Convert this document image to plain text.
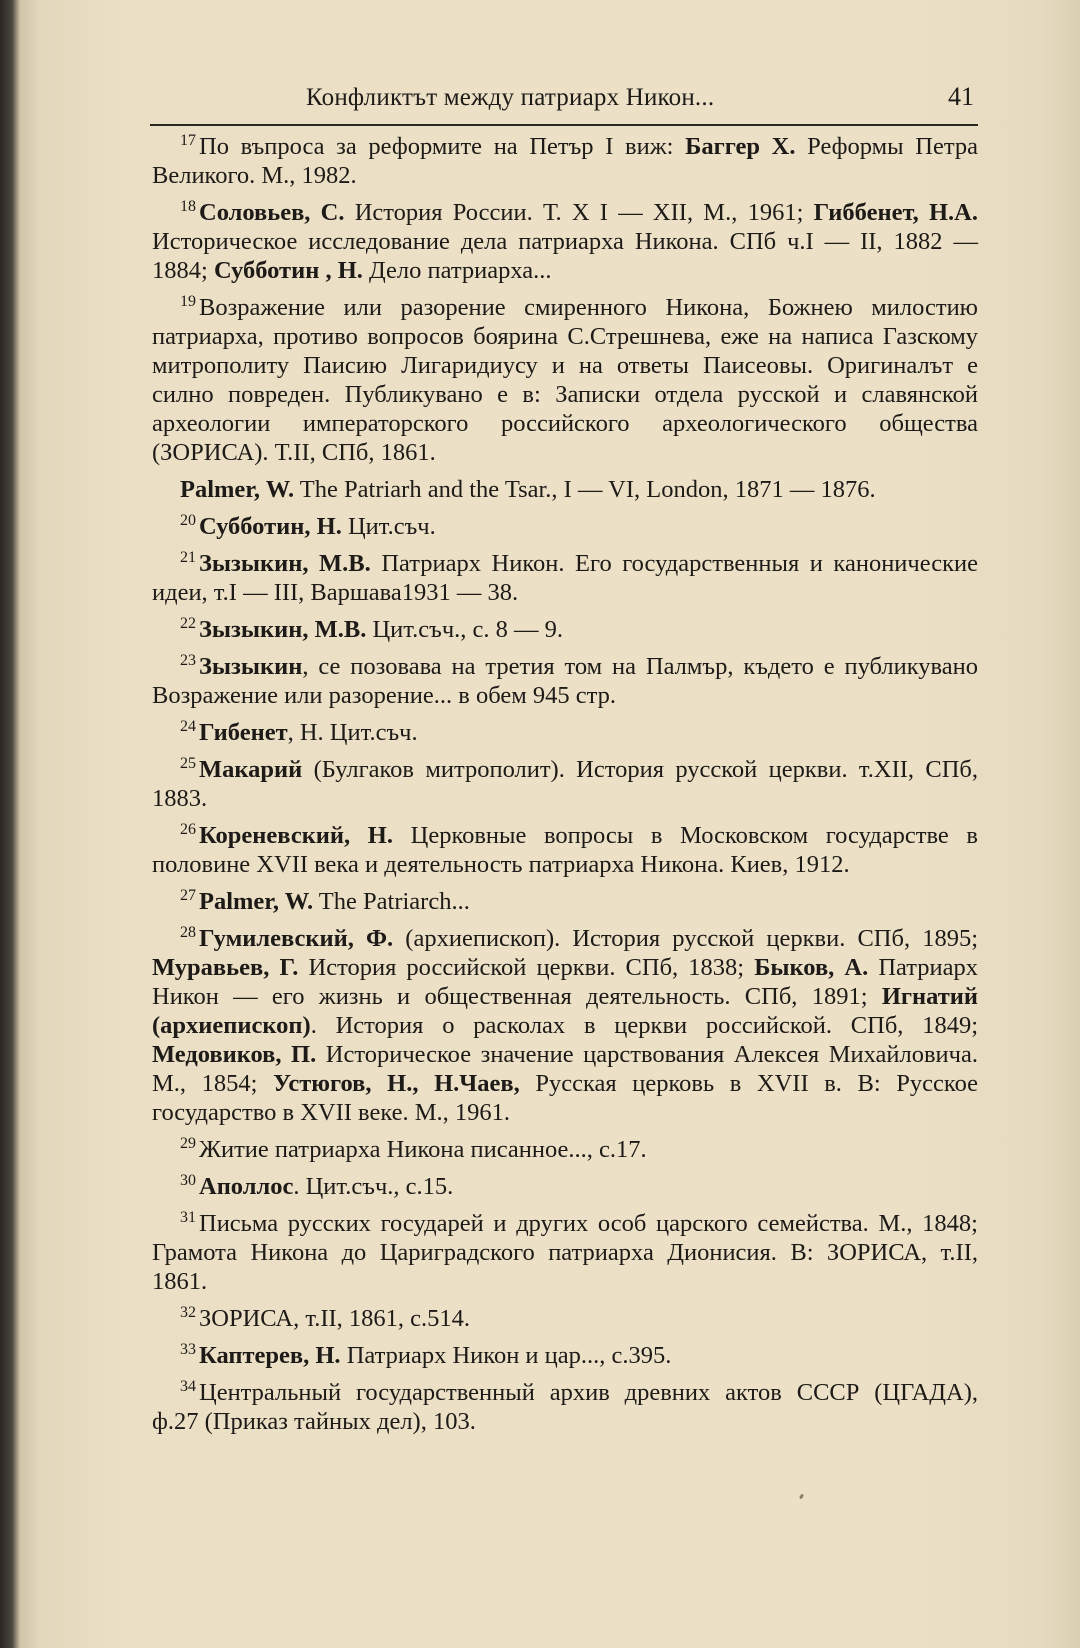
Конфликтът между патриарх Никон...	41

$^{17}$ По въпроса за реформите на Петър I виж: Баггер Х. Реформы Петра Великого. М., 1982.

$^{18}$ Соловьев, С. История России. Т. X I — XII, М., 1961; Гиббенет, Н.А. Историческое исследование дела патриарха Никона. СПб ч.I — II, 1882 — 1884; Субботин , Н. Дело патриарха...

$^{19}$ Возражение или разорение смиренного Никона, Божнею милостию патриарха, противо вопросов боярина С.Стрешнева, еже на написа Газскому митрополиту Паисию Лигаридиусу и на ответы Паисеовы. Оригиналът е силно повреден. Публикувано е в: Записки отдела русской и славянской археологии императорского российского археологического общества (ЗОРИСА). Т.II, СПб, 1861.

Palmer, W. The Patriarh and the Tsar., I — VI, London, 1871 — 1876.

$^{20}$ Субботин, Н. Цит.съч.

$^{21}$ Зызыкин, М.В. Патриарх Никон. Его государственныя и канонические идеи, т.I — III, Варшава1931 — 38.

$^{22}$ Зызыкин, М.В. Цит.съч., с. 8 — 9.

$^{23}$ Зызыкин, се позовава на третия том на Палмър, където е публикувано Возражение или разорение... в обем 945 стр.

$^{24}$ Гибенет, Н. Цит.съч.

$^{25}$ Макарий (Булгаков митрополит). История русской церкви. т.XII, СПб, 1883.

$^{26}$ Кореневский, Н. Церковные вопросы в Московском государстве в половине XVII века и деятельность патриарха Никона. Киев, 1912.

$^{27}$ Palmer, W. The Patriarch...

$^{28}$ Гумилевский, Ф. (архиепископ). История русской церкви. СПб, 1895; Муравьев, Г. История российской церкви. СПб, 1838; Быков, А. Патриарх Никон — его жизнь и общественная деятельность. СПб, 1891; Игнатий (архиепископ). История о расколах в церкви российской. СПб, 1849; Медовиков, П. Историческое значение царствования Алексея Михайловича. М., 1854; Устюгов, Н., Н.Чаев, Русская церковь в XVII в. В: Русское государство в XVII веке. М., 1961.

$^{29}$ Житие патриарха Никона писанное..., с.17.

$^{30}$ Аполлос. Цит.съч., с.15.

$^{31}$ Письма русских государей и других особ царского семейства. М., 1848; Грамота Никона до Цариградского патриарха Дионисия. В: ЗОРИСА, т.II, 1861.

$^{32}$ ЗОРИСА, т.II, 1861, с.514.

$^{33}$ Каптерев, Н. Патриарх Никон и цар..., с.395.

$^{34}$ Центральный государственный архив древних актов СССР (ЦГАДА), ф.27 (Приказ тайных дел), 103.
